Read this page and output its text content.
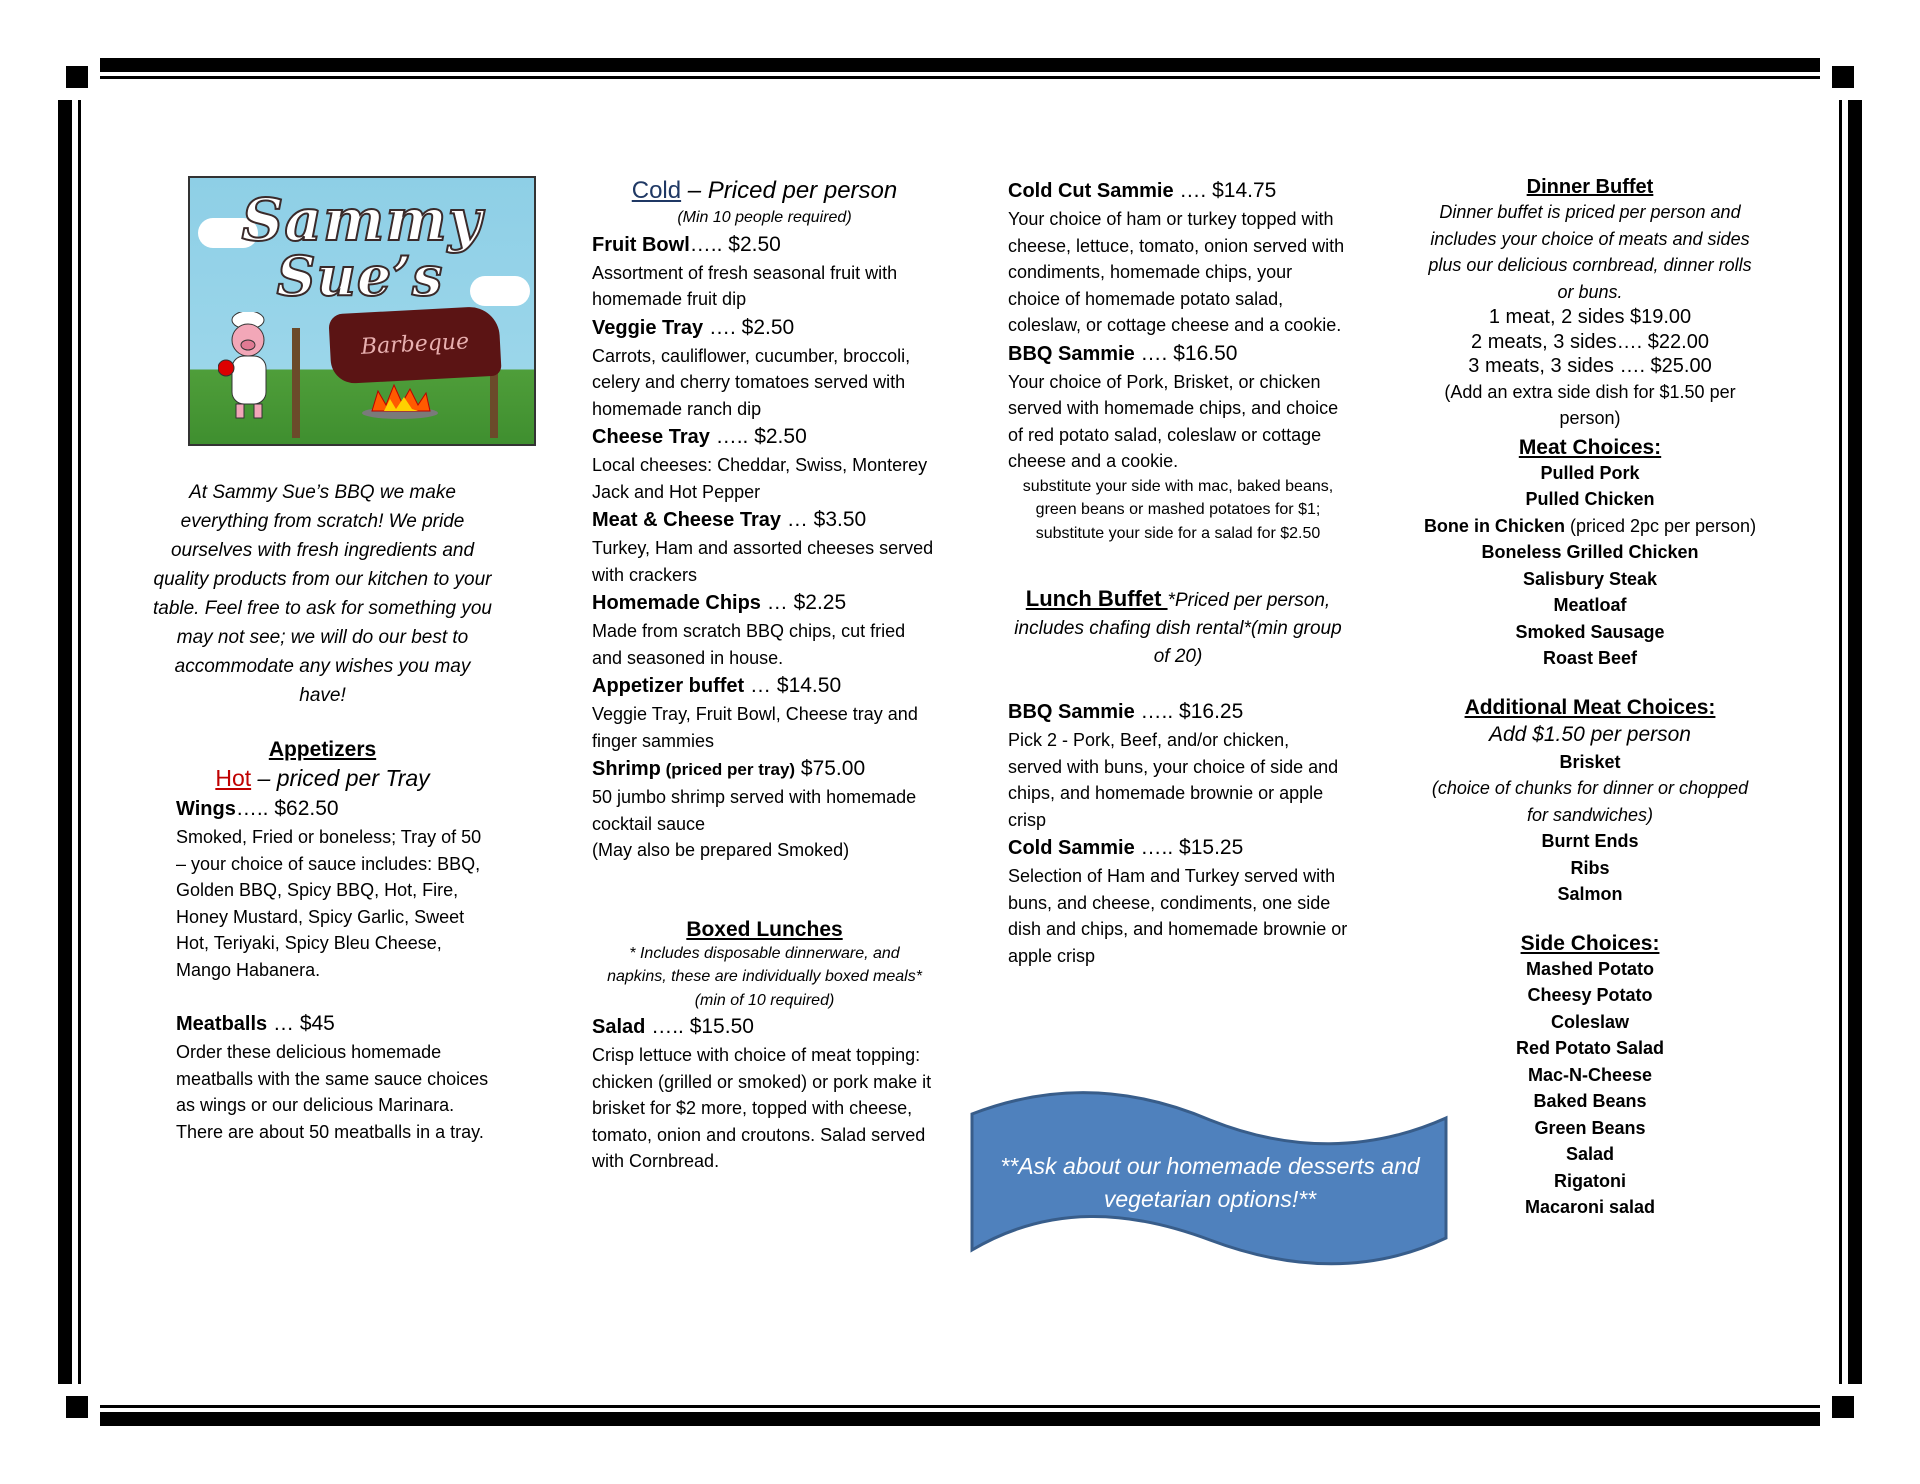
Sammy
Sue’s
Barbeque

At Sammy Sue’s BBQ we make everything from scratch! We pride ourselves with fresh ingredients and quality products from our kitchen to your table. Feel free to ask for something you may not see; we will do our best to accommodate any wishes you may have!

Appetizers

Hot – priced per Tray

Wings….. $62.50

Smoked, Fried or boneless; Tray of 50 – your choice of sauce includes: BBQ, Golden BBQ, Spicy BBQ, Hot, Fire, Honey Mustard, Spicy Garlic, Sweet Hot, Teriyaki, Spicy Bleu Cheese, Mango Habanera.

Meatballs … $45

Order these delicious homemade meatballs with the same sauce choices as wings or our delicious Marinara. There are about 50 meatballs in a tray.

Cold – Priced per person

(Min 10 people required)

Fruit Bowl….. $2.50

Assortment of fresh seasonal fruit with homemade fruit dip

Veggie Tray …. $2.50

Carrots, cauliflower, cucumber, broccoli, celery and cherry tomatoes served with homemade ranch dip

Cheese Tray ….. $2.50

Local cheeses: Cheddar, Swiss, Monterey Jack and Hot Pepper

Meat & Cheese Tray … $3.50

Turkey, Ham and assorted cheeses served with crackers

Homemade Chips … $2.25

Made from scratch BBQ chips, cut fried and seasoned in house.

Appetizer buffet … $14.50

Veggie Tray, Fruit Bowl, Cheese tray and finger sammies

Shrimp (priced per tray) $75.00

50 jumbo shrimp served with homemade cocktail sauce

(May also be prepared Smoked)

Boxed Lunches

* Includes disposable dinnerware, and napkins, these are individually boxed meals* (min of 10 required)

Salad ….. $15.50

Crisp lettuce with choice of meat topping: chicken (grilled or smoked) or pork make it brisket for $2 more, topped with cheese, tomato, onion and croutons. Salad served with Cornbread.

Cold Cut Sammie …. $14.75

Your choice of ham or turkey topped with cheese, lettuce, tomato, onion served with condiments, homemade chips, your choice of homemade potato salad, coleslaw, or cottage cheese and a cookie.

BBQ Sammie …. $16.50

Your choice of Pork, Brisket, or chicken served with homemade chips, and choice of red potato salad, coleslaw or cottage cheese and a cookie.

substitute your side with mac, baked beans, green beans or mashed potatoes for $1; substitute your side for a salad for $2.50

Lunch Buffet *Priced per person, includes chafing dish rental*(min group of 20)

BBQ Sammie ….. $16.25

Pick 2 - Pork, Beef, and/or chicken, served with buns, your choice of side and chips, and homemade brownie or apple crisp

Cold Sammie ….. $15.25

Selection of Ham and Turkey served with buns, and cheese, condiments, one side dish and chips, and homemade brownie or apple crisp

**Ask about our homemade desserts and vegetarian options!**

Dinner Buffet

Dinner buffet is priced per person and includes your choice of meats and sides plus our delicious cornbread, dinner rolls or buns.

1 meat, 2 sides $19.00

2 meats, 3 sides…. $22.00

3 meats, 3 sides …. $25.00

(Add an extra side dish for $1.50 per person)

Meat Choices:

Pulled Pork

Pulled Chicken

Bone in Chicken (priced 2pc per person)

Boneless Grilled Chicken

Salisbury Steak

Meatloaf

Smoked Sausage

Roast Beef

Additional Meat Choices:

Add $1.50 per person

Brisket

(choice of chunks for dinner or chopped for sandwiches)

Burnt Ends

Ribs

Salmon

Side Choices:

Mashed Potato

Cheesy Potato

Coleslaw

Red Potato Salad

Mac-N-Cheese

Baked Beans

Green Beans

Salad

Rigatoni

Macaroni salad
